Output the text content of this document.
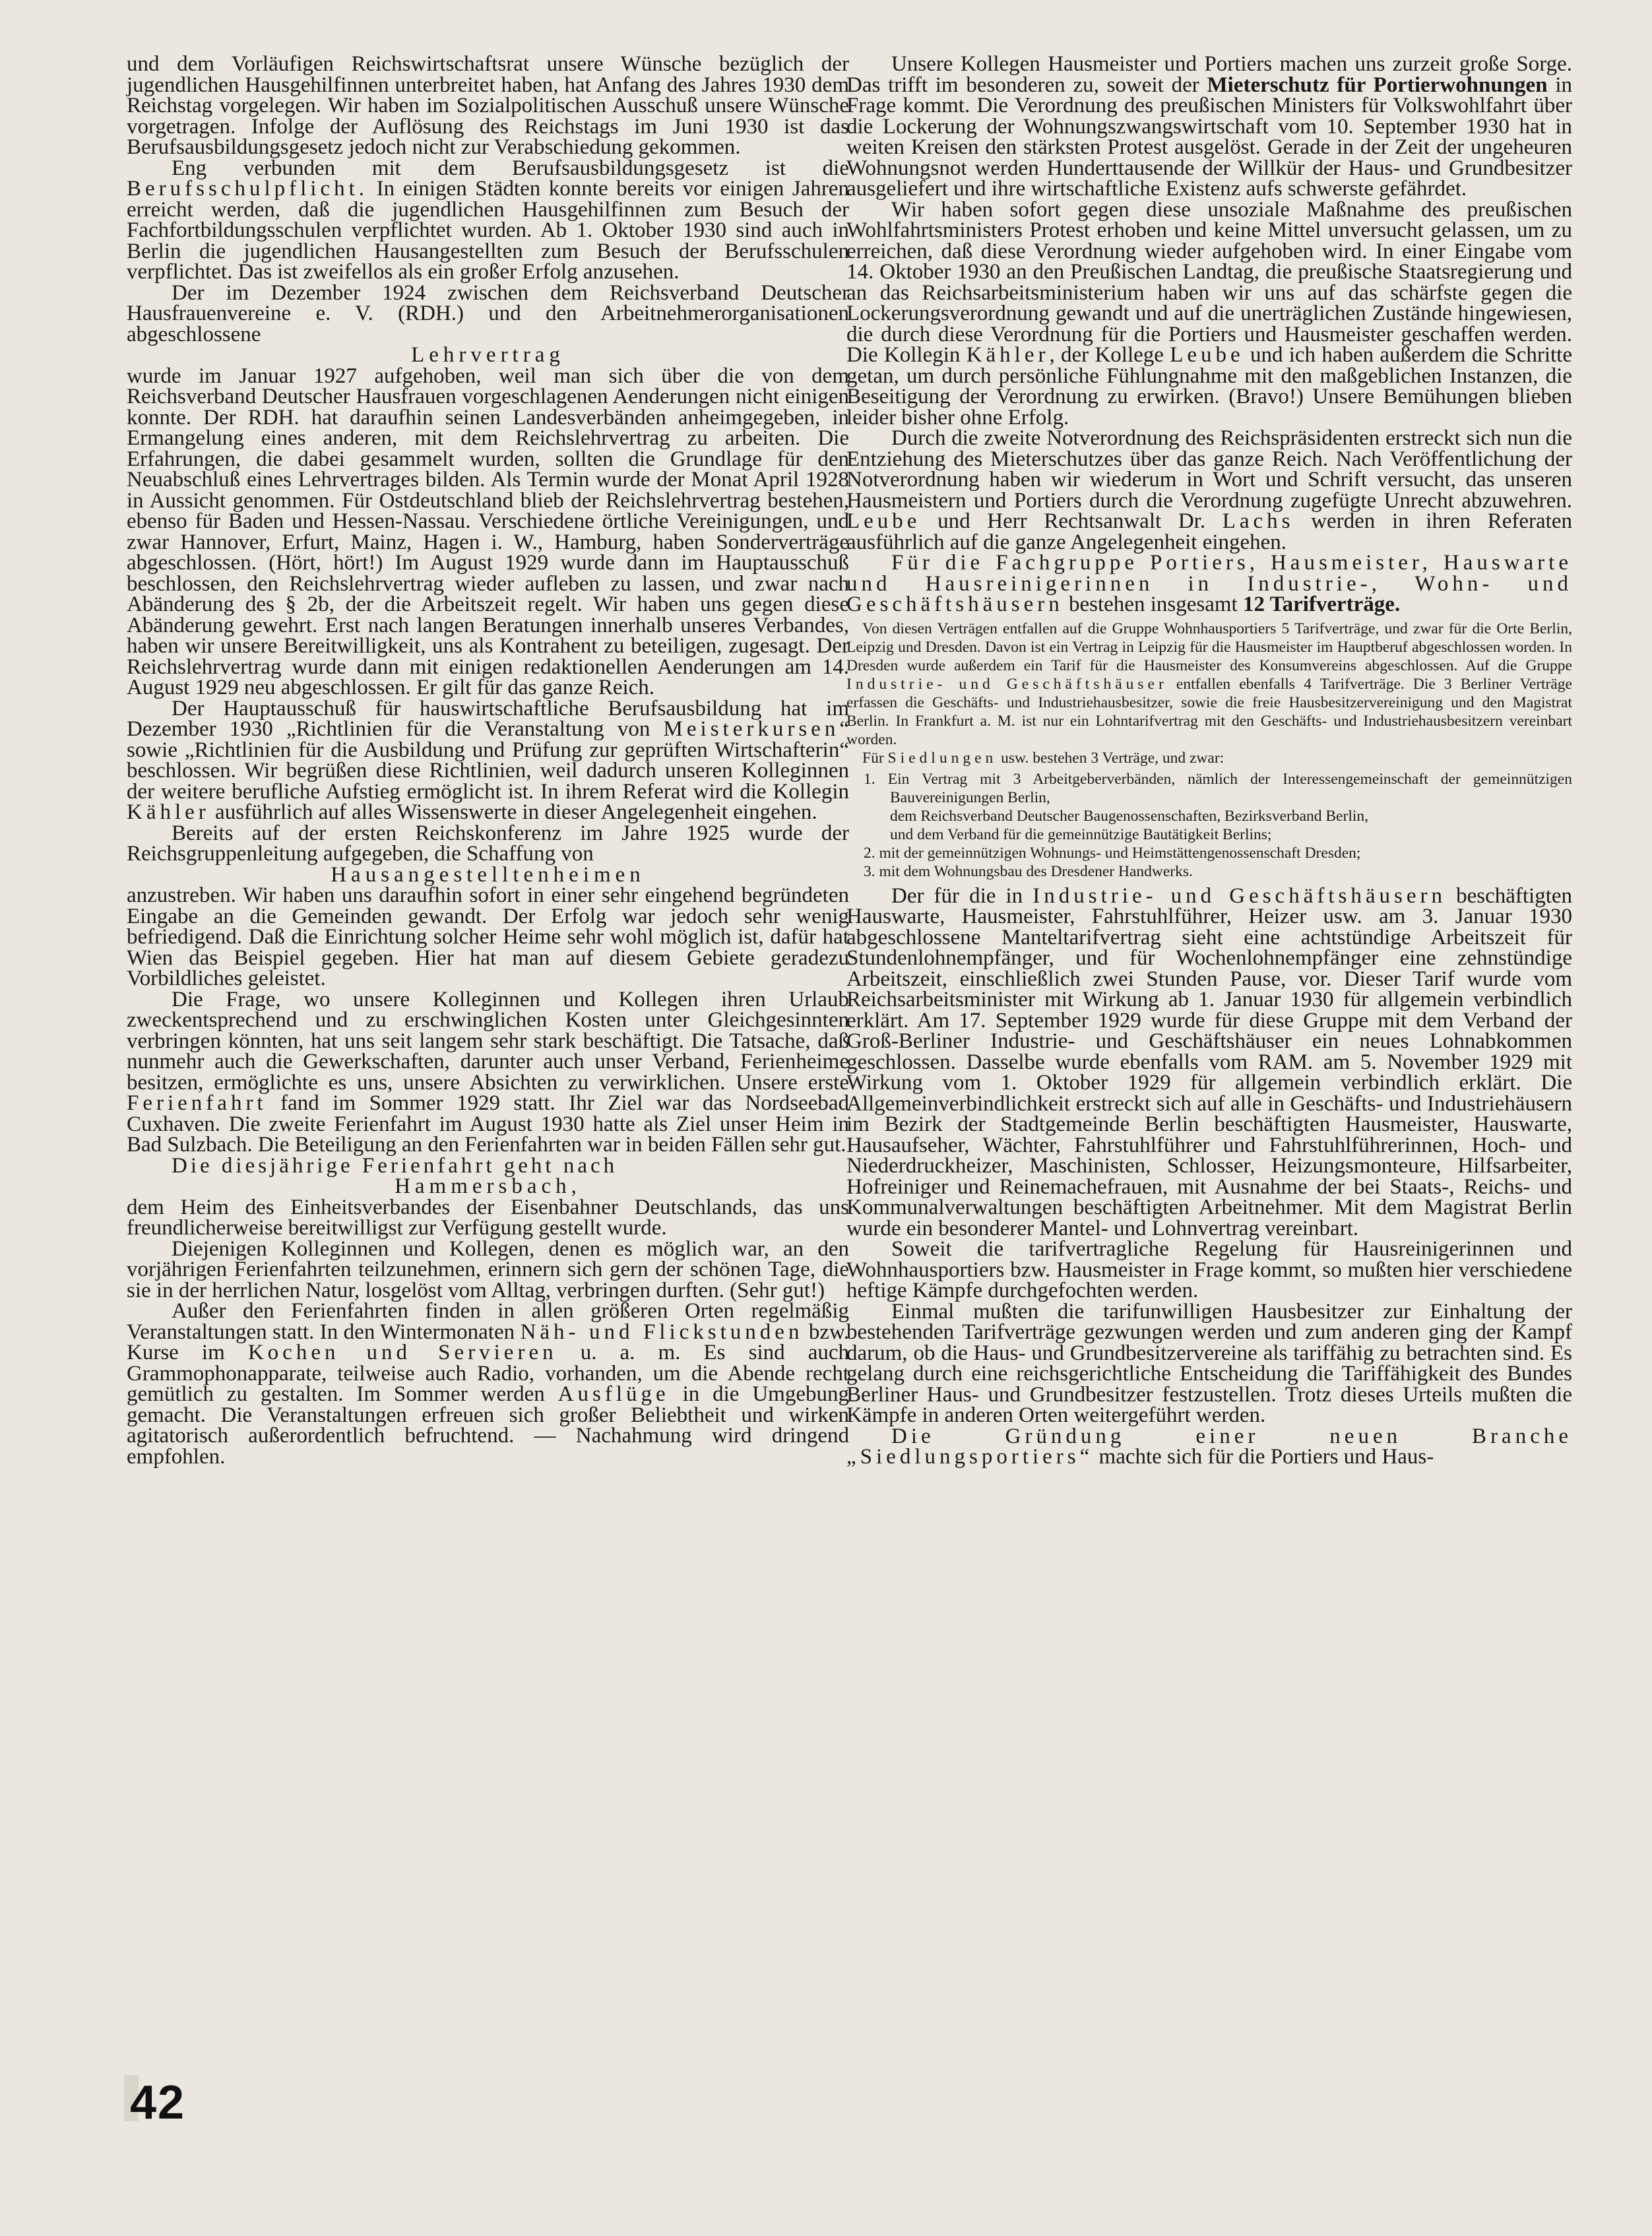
und dem Vorläufigen Reichswirtschaftsrat unsere Wünsche bezüglich der jugendlichen Hausgehilfinnen unterbreitet haben, hat Anfang des Jahres 1930 dem Reichstag vorgelegen. Wir haben im Sozialpolitischen Ausschuß unsere Wünsche vorgetragen. Infolge der Auflösung des Reichstags im Juni 1930 ist das Berufsausbildungsgesetz jedoch nicht zur Verabschiedung gekommen.

Eng verbunden mit dem Berufsausbildungsgesetz ist die Berufsschulpflicht. In einigen Städten konnte bereits vor einigen Jahren erreicht werden, daß die jugendlichen Hausgehilfinnen zum Besuch der Fachfortbildungsschulen verpflichtet wurden. Ab 1. Oktober 1930 sind auch in Berlin die jugendlichen Hausangestellten zum Besuch der Berufsschulen verpflichtet. Das ist zweifellos als ein großer Erfolg anzusehen.

Der im Dezember 1924 zwischen dem Reichsverband Deutscher Hausfrauenvereine e. V. (RDH.) und den Arbeitnehmerorganisationen abgeschlossene

Lehrvertrag

wurde im Januar 1927 aufgehoben, weil man sich über die von dem Reichsverband Deutscher Hausfrauen vorgeschlagenen Aenderungen nicht einigen konnte. Der RDH. hat daraufhin seinen Landesverbänden anheimgegeben, in Ermangelung eines anderen, mit dem Reichslehrvertrag zu arbeiten. Die Erfahrungen, die dabei gesammelt wurden, sollten die Grundlage für den Neuabschluß eines Lehrvertrages bilden. Als Termin wurde der Monat April 1928 in Aussicht genommen. Für Ostdeutschland blieb der Reichslehrvertrag bestehen, ebenso für Baden und Hessen-Nassau. Verschiedene örtliche Vereinigungen, und zwar Hannover, Erfurt, Mainz, Hagen i. W., Hamburg, haben Sonderverträge abgeschlossen. (Hört, hört!) Im August 1929 wurde dann im Hauptausschuß beschlossen, den Reichslehrvertrag wieder aufleben zu lassen, und zwar nach Abänderung des § 2b, der die Arbeitszeit regelt. Wir haben uns gegen diese Abänderung gewehrt. Erst nach langen Beratungen innerhalb unseres Verbandes, haben wir unsere Bereitwilligkeit, uns als Kontrahent zu beteiligen, zugesagt. Der Reichslehrvertrag wurde dann mit einigen redaktionellen Aenderungen am 14. August 1929 neu abgeschlossen. Er gilt für das ganze Reich.

Der Hauptausschuß für hauswirtschaftliche Berufsausbildung hat im Dezember 1930 „Richtlinien für die Veranstaltung von Meisterkursen“ sowie „Richtlinien für die Ausbildung und Prüfung zur geprüften Wirtschafterin“ beschlossen. Wir begrüßen diese Richtlinien, weil dadurch unseren Kolleginnen der weitere berufliche Aufstieg ermöglicht ist. In ihrem Referat wird die Kollegin Kähler ausführlich auf alles Wissenswerte in dieser Angelegenheit eingehen.

Bereits auf der ersten Reichskonferenz im Jahre 1925 wurde der Reichsgruppenleitung aufgegeben, die Schaffung von

Hausangestelltenheimen

anzustreben. Wir haben uns daraufhin sofort in einer sehr eingehend begründeten Eingabe an die Gemeinden gewandt. Der Erfolg war jedoch sehr wenig befriedigend. Daß die Einrichtung solcher Heime sehr wohl möglich ist, dafür hat Wien das Beispiel gegeben. Hier hat man auf diesem Gebiete geradezu Vorbildliches geleistet.

Die Frage, wo unsere Kolleginnen und Kollegen ihren Urlaub zweckentsprechend und zu erschwinglichen Kosten unter Gleichgesinnten verbringen könnten, hat uns seit langem sehr stark beschäftigt. Die Tatsache, daß nunmehr auch die Gewerkschaften, darunter auch unser Verband, Ferienheime besitzen, ermöglichte es uns, unsere Absichten zu verwirklichen. Unsere erste Ferienfahrt fand im Sommer 1929 statt. Ihr Ziel war das Nordseebad Cuxhaven. Die zweite Ferienfahrt im August 1930 hatte als Ziel unser Heim in Bad Sulzbach. Die Beteiligung an den Ferienfahrten war in beiden Fällen sehr gut.

Die diesjährige Ferienfahrt geht nach

Hammersbach,

dem Heim des Einheitsverbandes der Eisenbahner Deutschlands, das uns freundlicherweise bereitwilligst zur Verfügung gestellt wurde.

Diejenigen Kolleginnen und Kollegen, denen es möglich war, an den vorjährigen Ferienfahrten teilzunehmen, erinnern sich gern der schönen Tage, die sie in der herrlichen Natur, losgelöst vom Alltag, verbringen durften. (Sehr gut!)

Außer den Ferienfahrten finden in allen größeren Orten regelmäßig Veranstaltungen statt. In den Wintermonaten Näh- und Flickstunden bzw. Kurse im Kochen und Servieren u. a. m. Es sind auch Grammophonapparate, teilweise auch Radio, vorhanden, um die Abende recht gemütlich zu gestalten. Im Sommer werden Ausflüge in die Umgebung gemacht. Die Veranstaltungen erfreuen sich großer Beliebtheit und wirken agitatorisch außerordentlich befruchtend. — Nachahmung wird dringend empfohlen.

Unsere Kollegen Hausmeister und Portiers machen uns zurzeit große Sorge. Das trifft im besonderen zu, soweit der Mieterschutz für Portierwohnungen in Frage kommt. Die Verordnung des preußischen Ministers für Volkswohlfahrt über die Lockerung der Wohnungszwangswirtschaft vom 10. September 1930 hat in weiten Kreisen den stärksten Protest ausgelöst. Gerade in der Zeit der ungeheuren Wohnungsnot werden Hunderttausende der Willkür der Haus- und Grundbesitzer ausgeliefert und ihre wirtschaftliche Existenz aufs schwerste gefährdet.

Wir haben sofort gegen diese unsoziale Maßnahme des preußischen Wohlfahrtsministers Protest erhoben und keine Mittel unversucht gelassen, um zu erreichen, daß diese Verordnung wieder aufgehoben wird. In einer Eingabe vom 14. Oktober 1930 an den Preußischen Landtag, die preußische Staatsregierung und an das Reichsarbeitsministerium haben wir uns auf das schärfste gegen die Lockerungsverordnung gewandt und auf die unerträglichen Zustände hingewiesen, die durch diese Verordnung für die Portiers und Hausmeister geschaffen werden. Die Kollegin Kähler, der Kollege Leube und ich haben außerdem die Schritte getan, um durch persönliche Fühlungnahme mit den maßgeblichen Instanzen, die Beseitigung der Verordnung zu erwirken. (Bravo!) Unsere Bemühungen blieben leider bisher ohne Erfolg.

Durch die zweite Notverordnung des Reichspräsidenten erstreckt sich nun die Entziehung des Mieterschutzes über das ganze Reich. Nach Veröffentlichung der Notverordnung haben wir wiederum in Wort und Schrift versucht, das unseren Hausmeistern und Portiers durch die Verordnung zugefügte Unrecht abzuwehren. Leube und Herr Rechtsanwalt Dr. Lachs werden in ihren Referaten ausführlich auf die ganze Angelegenheit eingehen.

Für die Fachgruppe Portiers, Hausmeister, Hauswarte und Hausreinigerinnen in Industrie-, Wohn- und Geschäftshäusern bestehen insgesamt 12 Tarifverträge.

Von diesen Verträgen entfallen auf die Gruppe Wohnhausportiers 5 Tarifverträge, und zwar für die Orte Berlin, Leipzig und Dresden. Davon ist ein Vertrag in Leipzig für die Hausmeister im Hauptberuf abgeschlossen worden. In Dresden wurde außerdem ein Tarif für die Hausmeister des Konsumvereins abgeschlossen. Auf die Gruppe Industrie- und Geschäftshäuser entfallen ebenfalls 4 Tarifverträge. Die 3 Berliner Verträge erfassen die Geschäfts- und Industriehausbesitzer, sowie die freie Hausbesitzervereinigung und den Magistrat Berlin. In Frankfurt a. M. ist nur ein Lohntarifvertrag mit den Geschäfts- und Industriehausbesitzern vereinbart worden.

Für Siedlungen usw. bestehen 3 Verträge, und zwar:

1. Ein Vertrag mit 3 Arbeitgeberverbänden, nämlich der Interessengemeinschaft der gemeinnützigen Bauvereinigungen Berlin,
dem Reichsverband Deutscher Baugenossenschaften, Bezirksverband Berlin,
und dem Verband für die gemeinnützige Bautätigkeit Berlins;
2. mit der gemeinnützigen Wohnungs- und Heimstättengenossenschaft Dresden;
3. mit dem Wohnungsbau des Dresdener Handwerks.

Der für die in Industrie- und Geschäftshäusern beschäftigten Hauswarte, Hausmeister, Fahrstuhlführer, Heizer usw. am 3. Januar 1930 abgeschlossene Manteltarifvertrag sieht eine achtstündige Arbeitszeit für Stundenlohnempfänger, und für Wochenlohnempfänger eine zehnstündige Arbeitszeit, einschließlich zwei Stunden Pause, vor. Dieser Tarif wurde vom Reichsarbeitsminister mit Wirkung ab 1. Januar 1930 für allgemein verbindlich erklärt. Am 17. September 1929 wurde für diese Gruppe mit dem Verband der Groß-Berliner Industrie- und Geschäftshäuser ein neues Lohnabkommen geschlossen. Dasselbe wurde ebenfalls vom RAM. am 5. November 1929 mit Wirkung vom 1. Oktober 1929 für allgemein verbindlich erklärt. Die Allgemeinverbindlichkeit erstreckt sich auf alle in Geschäfts- und Industriehäusern im Bezirk der Stadtgemeinde Berlin beschäftigten Hausmeister, Hauswarte, Hausaufseher, Wächter, Fahrstuhlführer und Fahrstuhlführerinnen, Hoch- und Niederdruckheizer, Maschinisten, Schlosser, Heizungsmonteure, Hilfsarbeiter, Hofreiniger und Reinemachefrauen, mit Ausnahme der bei Staats-, Reichs- und Kommunalverwaltungen beschäftigten Arbeitnehmer. Mit dem Magistrat Berlin wurde ein besonderer Mantel- und Lohnvertrag vereinbart.

Soweit die tarifvertragliche Regelung für Hausreinigerinnen und Wohnhausportiers bzw. Hausmeister in Frage kommt, so mußten hier verschiedene heftige Kämpfe durchgefochten werden.

Einmal mußten die tarifunwilligen Hausbesitzer zur Einhaltung der bestehenden Tarifverträge gezwungen werden und zum anderen ging der Kampf darum, ob die Haus- und Grundbesitzervereine als tariffähig zu betrachten sind. Es gelang durch eine reichsgerichtliche Entscheidung die Tariffähigkeit des Bundes Berliner Haus- und Grundbesitzer festzustellen. Trotz dieses Urteils mußten die Kämpfe in anderen Orten weitergeführt werden.

Die Gründung einer neuen Branche „Siedlungsportiers“ machte sich für die Portiers und Haus-

42
